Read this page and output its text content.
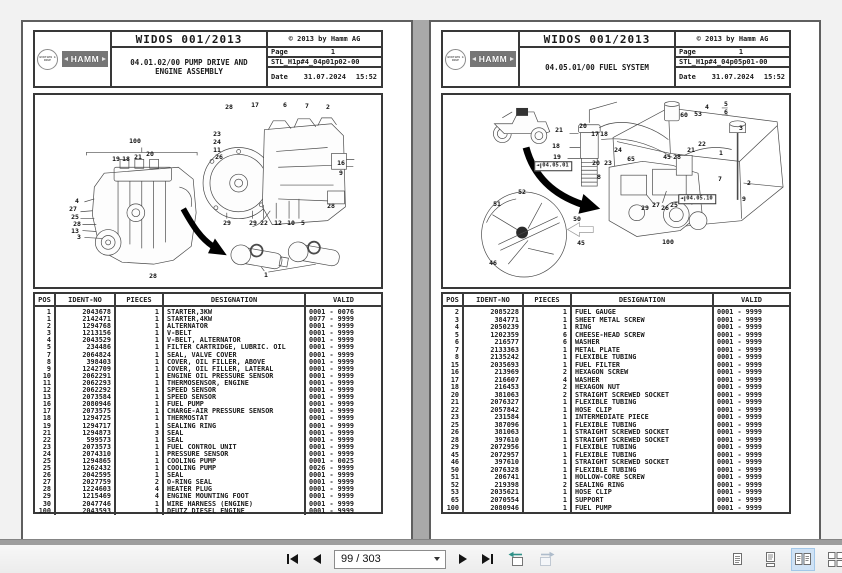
WIRTGEN GROUP	HAMM
WIDOS 001/2013
04.01.02/00 PUMP DRIVE AND
ENGINE ASSEMBLY
© 2013 by Hamm AG
Page	1
STL_H1p#4_04p01p02-00
Date 31.07.2024 15:52
100
19 18 21 20
4
27
25
28
13
3
28	17	6	7	2
23
24
11
26
16
9
28
29	29 22 12 10 5
28	1
POS	IDENT-NO	PIECES	DESIGNATION	VALID
1	2043678	1	STARTER,3KW	0001 - 0076
1	2142471	1	STARTER,4KW	0077 - 9999
2	1294768	1	ALTERNATOR	0001 - 9999
3	1213156	1	V-BELT	0001 - 9999
4	2043529	1	V-BELT, ALTERNATOR	0001 - 9999
5	234486	1	FILTER CARTRIDGE, LUBRIC. OIL	0001 - 9999
7	2064824	1	SEAL, VALVE COVER	0001 - 9999
8	398403	1	COVER, OIL FILLER, ABOVE	0001 - 9999
9	1242709	1	COVER, OIL FILLER, LATERAL	0001 - 9999
10	2062291	1	ENGINE OIL PRESSURE SENSOR	0001 - 9999
11	2062293	1	THERMOSENSOR, ENGINE	0001 - 9999
12	2062292	1	SPEED SENSOR	0001 - 9999
13	2073584	1	SPEED SENSOR	0001 - 9999
16	2080946	1	FUEL PUMP	0001 - 9999
17	2073575	1	CHARGE-AIR PRESSURE SENSOR	0001 - 9999
18	1294725	1	THERMOSTAT	0001 - 9999
19	1294717	1	SEALING RING	0001 - 9999
21	1294873	3	SEAL	0001 - 9999
22	599573	1	SEAL	0001 - 9999
23	2073573	1	FUEL CONTROL UNIT	0001 - 9999
24	2074310	1	PRESSURE SENSOR	0001 - 9999
25	1294865	1	COOLING PUMP	0001 - 0025
25	1262432	1	COOLING PUMP	0026 - 9999
26	2042595	1	SEAL	0001 - 9999
27	2027759	2	O-RING SEAL	0001 - 9999
28	1224603	4	HEATER PLUG	0001 - 9999
29	1215469	4	ENGINE MOUNTING FOOT	0001 - 9999
30	2047746	1	WIRE HARNESS (ENGINE)	0001 - 9999
100	2043593	1	DEUTZ DIESEL ENGINE	0001 - 9999

WIRTGEN GROUP	HAMM
WIDOS 001/2013
04.05.01/00 FUEL SYSTEM
© 2013 by Hamm AG
Page	1
STL_H1p#4_04p05p01-00
Date 31.07.2024 15:52
21 20
17 18
18
19
20 23
8
24
65	45 28
60 53
4 5
6
3
22
21	1
2
7
9
29 27 26 25
100
52
51
50
45
46
◄ 04.05.01
◄ 04.05.10
POS	IDENT-NO	PIECES	DESIGNATION	VALID
2	2085228	1	FUEL GAUGE	0001 - 9999
3	384771	1	SHEET METAL SCREW	0001 - 9999
4	2050239	1	RING	0001 - 9999
5	1202359	6	CHEESE-HEAD SCREW	0001 - 9999
6	216577	6	WASHER	0001 - 9999
7	2133363	1	METAL PLATE	0001 - 9999
8	2135242	1	FLEXIBLE TUBING	0001 - 9999
15	2035693	1	FUEL FILTER	0001 - 9999
16	213969	2	HEXAGON SCREW	0001 - 9999
17	216607	4	WASHER	0001 - 9999
18	216453	2	HEXAGON NUT	0001 - 9999
20	381063	2	STRAIGHT SCREWED SOCKET	0001 - 9999
21	2076327	1	FLEXIBLE TUBING	0001 - 9999
22	2057842	1	HOSE CLIP	0001 - 9999
23	231584	1	INTERMEDIATE PIECE	0001 - 9999
25	387096	1	FLEXIBLE TUBING	0001 - 9999
26	381063	1	STRAIGHT SCREWED SOCKET	0001 - 9999
28	397610	1	STRAIGHT SCREWED SOCKET	0001 - 9999
29	2072956	1	FLEXIBLE TUBING	0001 - 9999
45	2072957	1	FLEXIBLE TUBING	0001 - 9999
46	397610	1	STRAIGHT SCREWED SOCKET	0001 - 9999
50	2076328	1	FLEXIBLE TUBING	0001 - 9999
51	206741	1	HOLLOW-CORE SCREW	0001 - 9999
52	219398	2	SEALING RING	0001 - 9999
53	2035621	1	HOSE CLIP	0001 - 9999
65	2070554	1	SUPPORT	0001 - 9999
100	2080946	1	FUEL PUMP	0001 - 9999

99 / 303
